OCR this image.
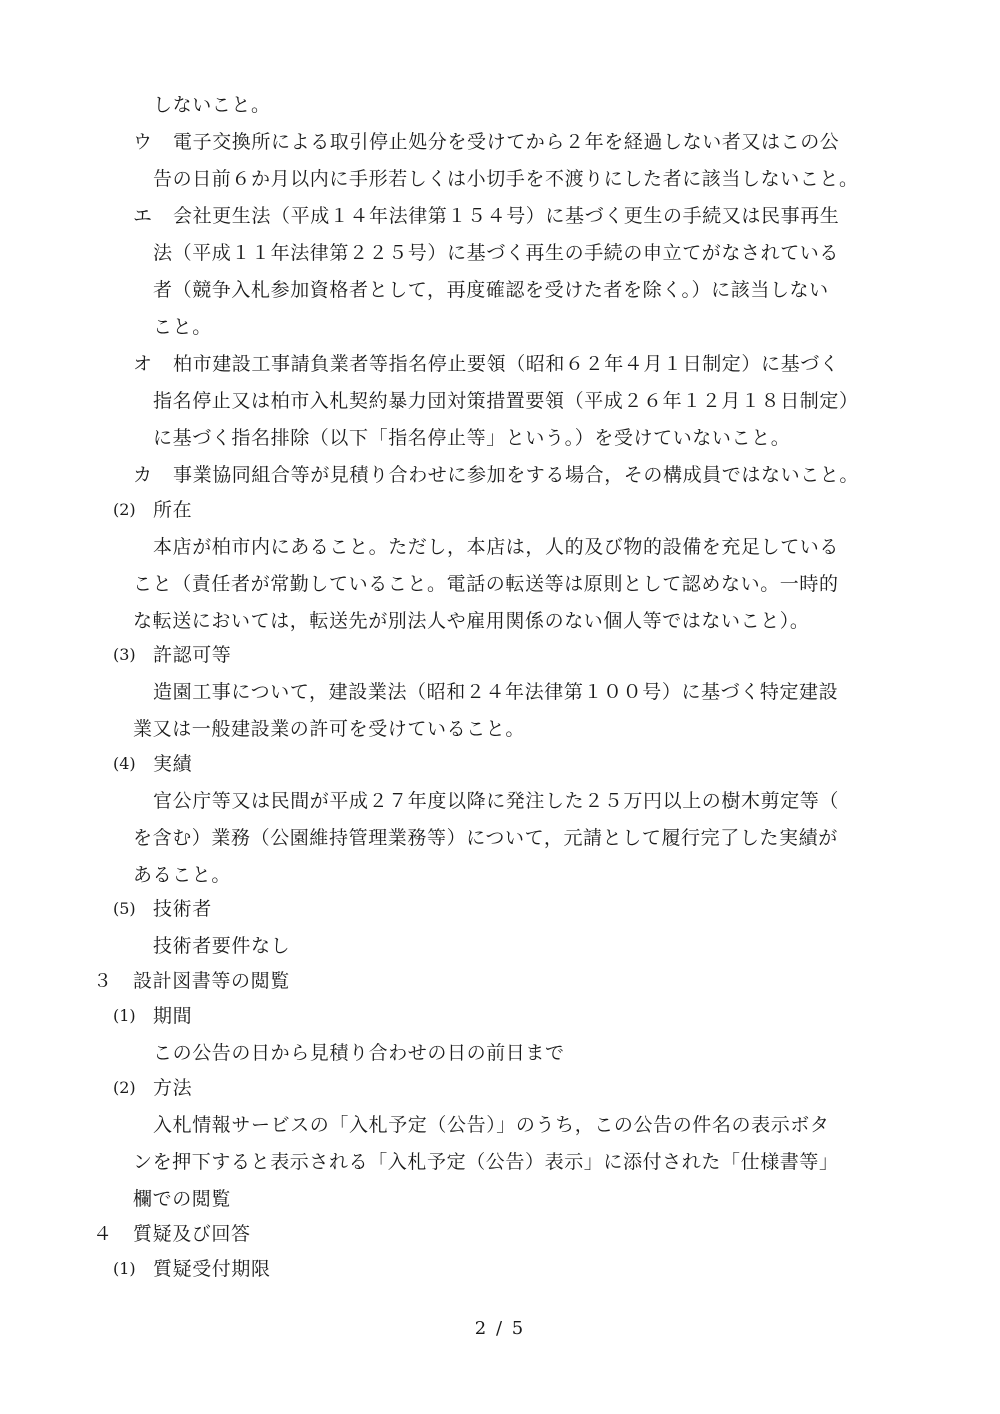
しないこと。
ウ 電子交換所による取引停止処分を受けてから２年を経過しない者又はこの公
告の日前６か月以内に手形若しくは小切手を不渡りにした者に該当しないこと。
エ 会社更生法（平成１４年法律第１５４号）に基づく更生の手続又は民事再生
法（平成１１年法律第２２５号）に基づく再生の手続の申立てがなされている
者（競争入札参加資格者として，再度確認を受けた者を除く。）に該当しない
こと。
オ 柏市建設工事請負業者等指名停止要領（昭和６２年４月１日制定）に基づく
指名停止又は柏市入札契約暴力団対策措置要領（平成２６年１２月１８日制定）
に基づく指名排除（以下「指名停止等」という。）を受けていないこと。
カ 事業協同組合等が見積り合わせに参加をする場合，その構成員ではないこと。
(2) 所在
本店が柏市内にあること。ただし，本店は，人的及び物的設備を充足している
こと（責任者が常勤していること。電話の転送等は原則として認めない。一時的
な転送においては，転送先が別法人や雇用関係のない個人等ではないこと）。
(3) 許認可等
造園工事について，建設業法（昭和２４年法律第１００号）に基づく特定建設
業又は一般建設業の許可を受けていること。
(4) 実績
官公庁等又は民間が平成２７年度以降に発注した２５万円以上の樹木剪定等（
を含む）業務（公園維持管理業務等）について，元請として履行完了した実績が
あること。
(5) 技術者
技術者要件なし
３ 設計図書等の閲覧
(1) 期間
この公告の日から見積り合わせの日の前日まで
(2) 方法
入札情報サービスの「入札予定（公告）」のうち，この公告の件名の表示ボタ
ンを押下すると表示される「入札予定（公告）表示」に添付された「仕様書等」
欄での閲覧
４ 質疑及び回答
(1) 質疑受付期限
2 / 5
